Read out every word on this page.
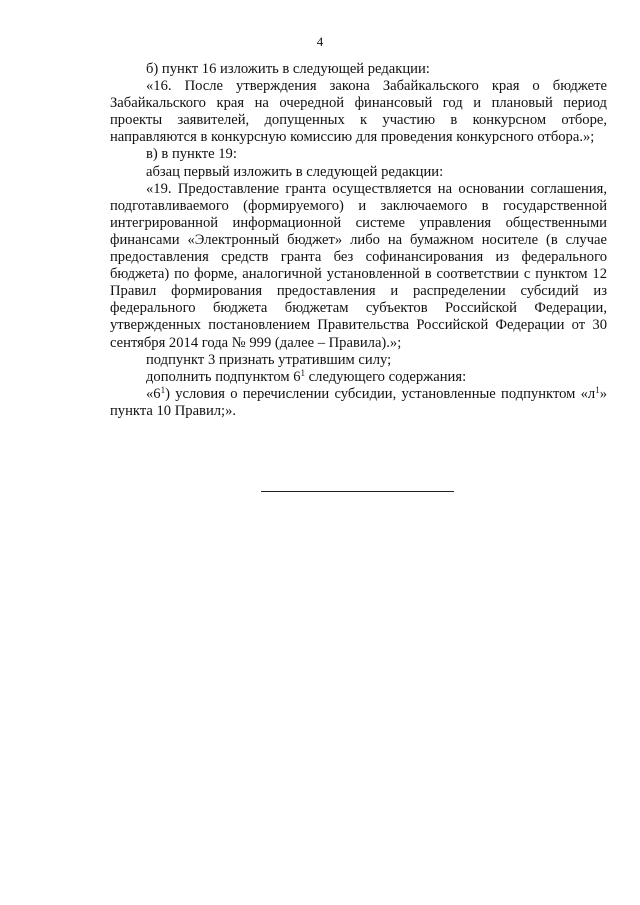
4

б) пункт 16 изложить в следующей редакции:

«16. После утверждения закона Забайкальского края о бюджете Забайкальского края на очередной финансовый год и плановый период проекты заявителей, допущенных к участию в конкурсном отборе, направляются в конкурсную комиссию для проведения конкурсного отбора.»;

в) в пункте 19:

абзац первый изложить в следующей редакции:

«19. Предоставление гранта осуществляется на основании соглашения, подготавливаемого (формируемого) и заключаемого в государственной интегрированной информационной системе управления общественными финансами «Электронный бюджет» либо на бумажном носителе (в случае предоставления средств гранта без софинансирования из федерального бюджета) по форме, аналогичной установленной в соответствии с пунктом 12 Правил формирования предоставления и распределении субсидий из федерального бюджета бюджетам субъектов Российской Федерации, утвержденных постановлением Правительства Российской Федерации от 30 сентября 2014 года № 999 (далее – Правила).»;

подпункт 3 признать утратившим силу;

дополнить подпунктом $6^1$ следующего содержания:

«$6^1$) условия о перечислении субсидии, установленные подпунктом «$л^1$» пункта 10 Правил;».
